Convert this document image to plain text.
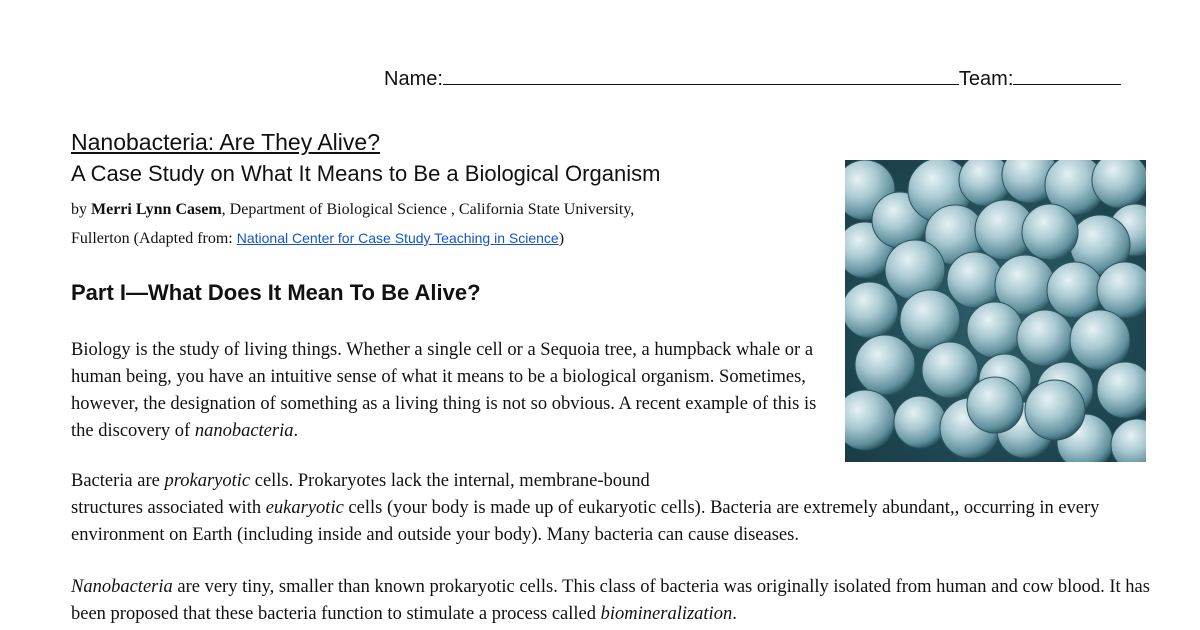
Name:	Team:
Nanobacteria: Are They Alive?
A Case Study on What It Means to Be a Biological Organism
by Merri Lynn Casem, Department of Biological Science , California State University,
Fullerton (Adapted from: National Center for Case Study Teaching in Science)
Part I—What Does It Mean To Be Alive?

Biology is the study of living things. Whether a single cell or a Sequoia tree, a humpback whale or a human being, you have an intuitive sense of what it means to be a biological organism. Sometimes, however, the designation of something as a living thing is not so obvious. A recent example of this is the discovery of nanobacteria.

Bacteria are prokaryotic cells. Prokaryotes lack the internal, membrane-bound
structures associated with eukaryotic cells (your body is made up of eukaryotic cells). Bacteria are extremely abundant,, occurring in every environment on Earth (including inside and outside your body). Many bacteria can cause diseases.

Nanobacteria are very tiny, smaller than known prokaryotic cells. This class of bacteria was originally isolated from human and cow blood. It has been proposed that these bacteria function to stimulate a process called biomineralization.
